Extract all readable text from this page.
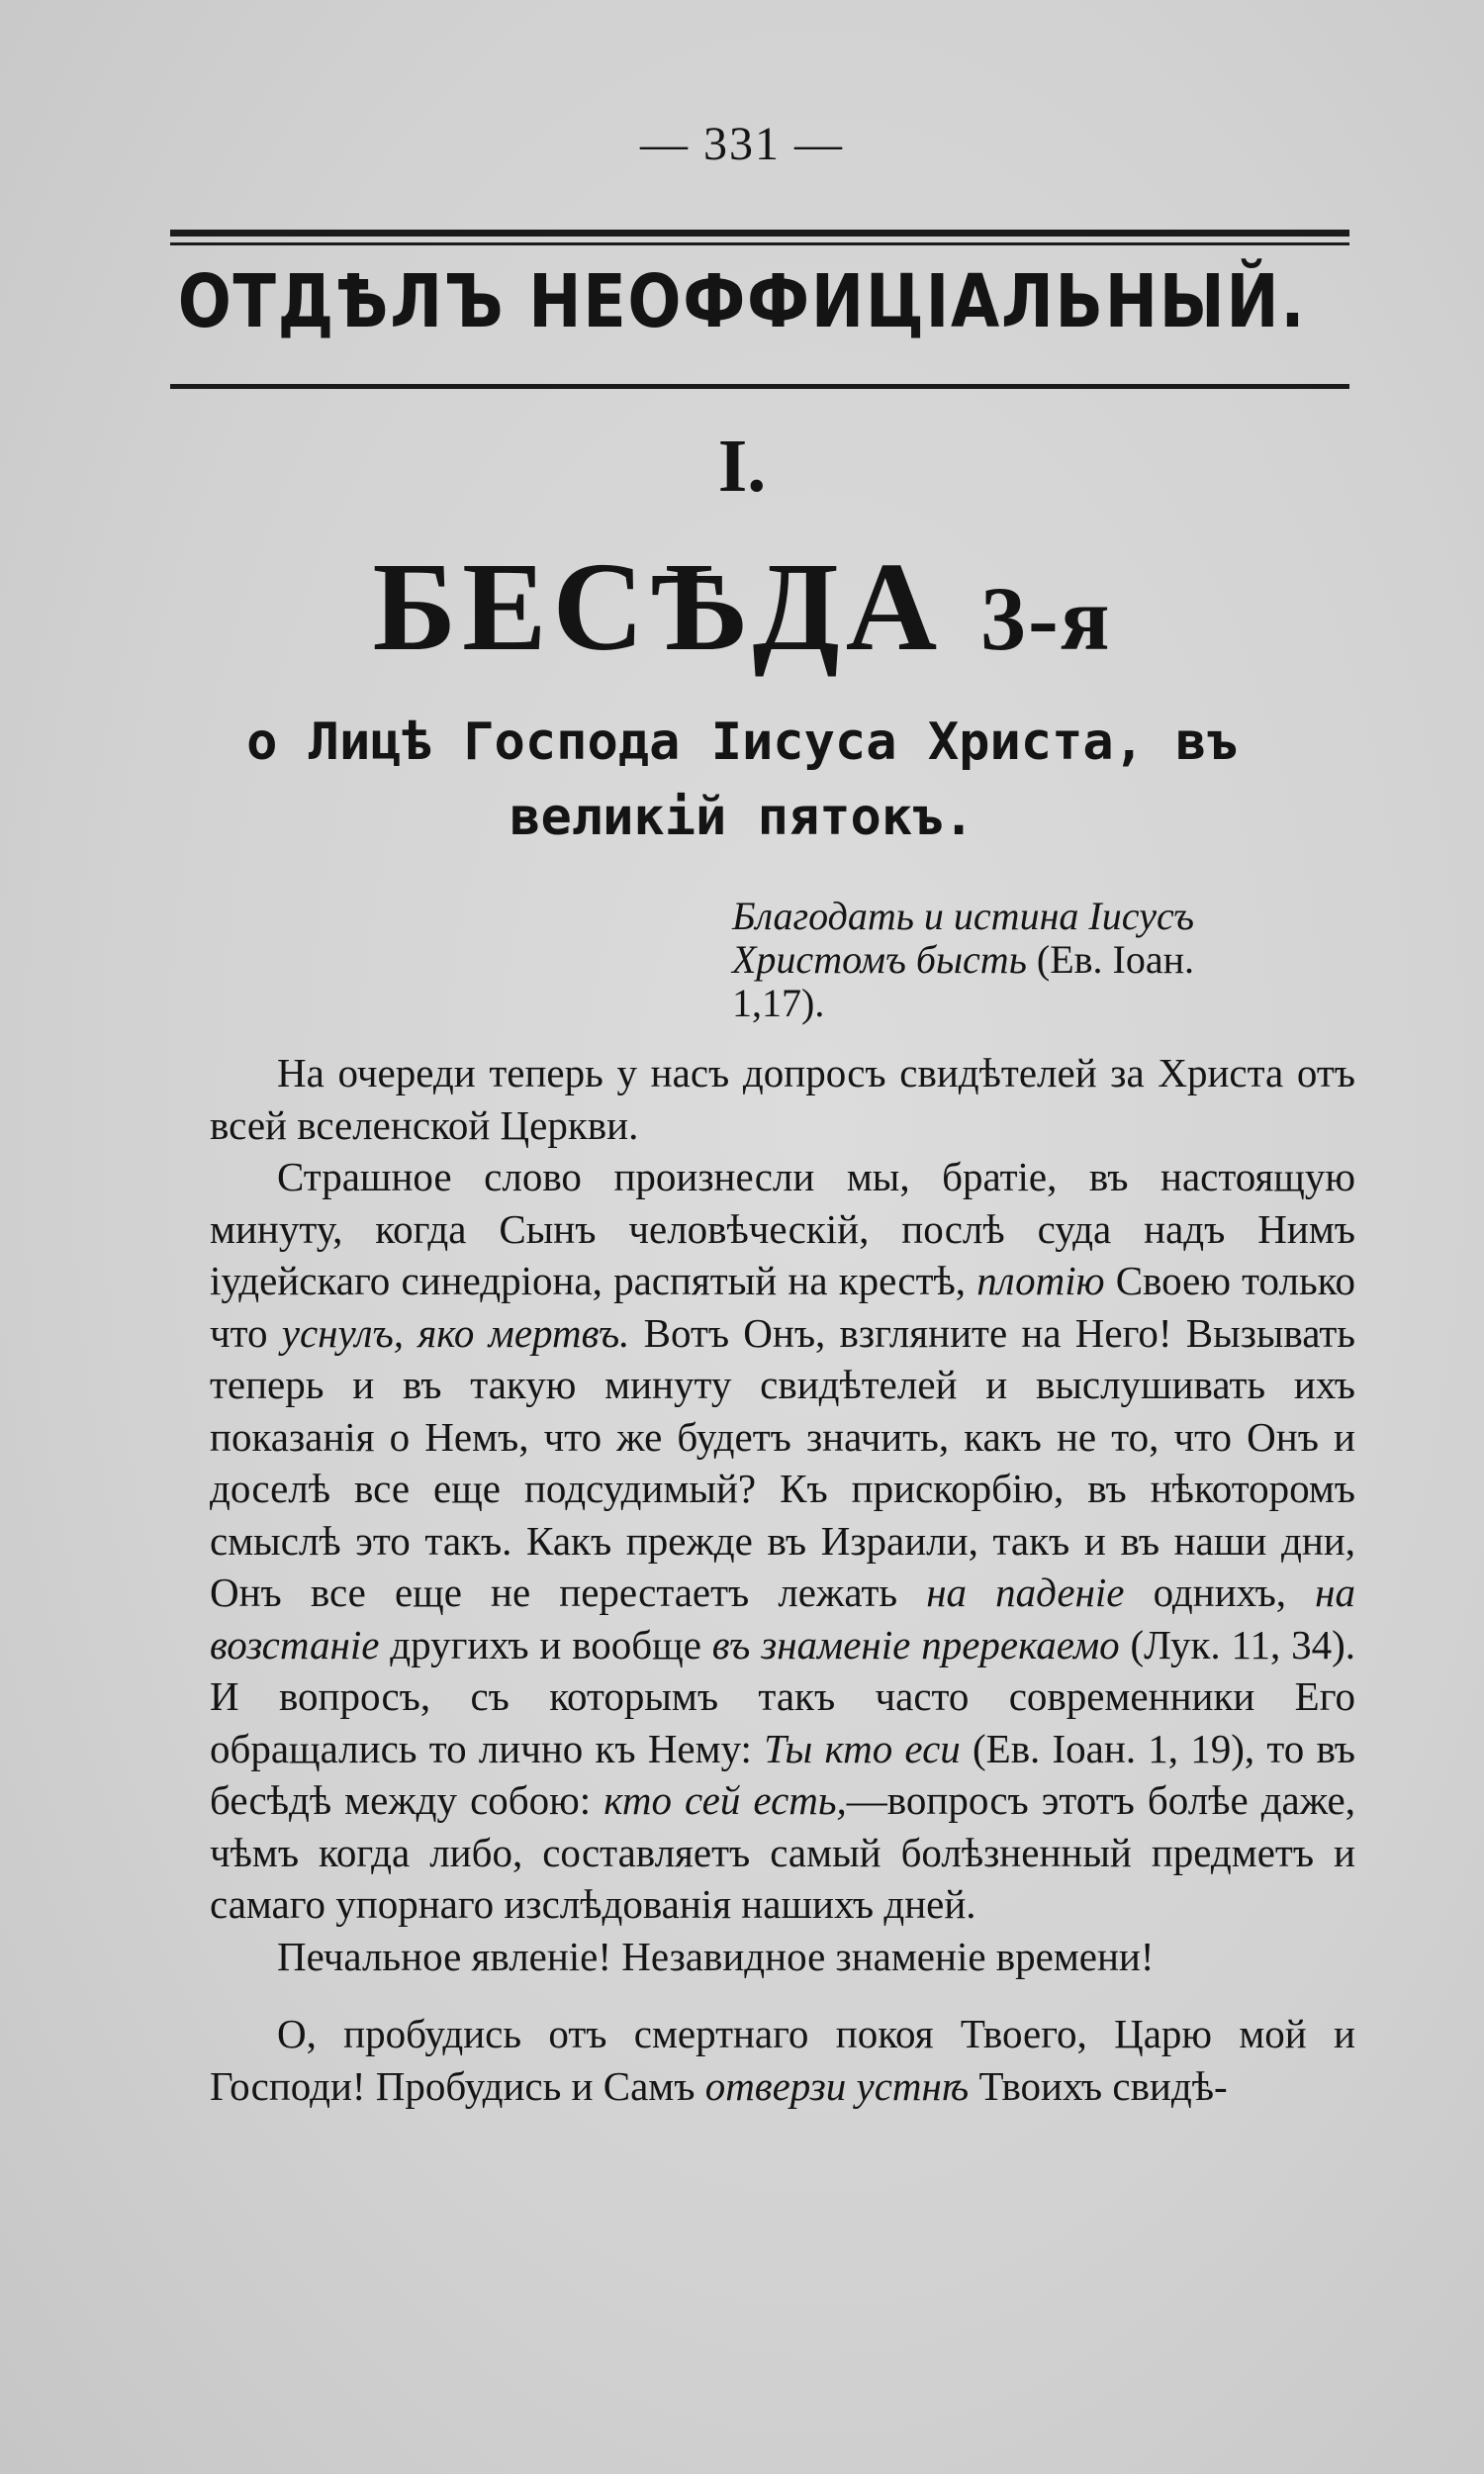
— 331 —
ОТДѢЛЪ НЕОФФИЦІАЛЬНЫЙ.
I.
БЕСѢДА 3-я
о Лицѣ Господа Іисуса Христа, въ великій пятокъ.
Благодать и истина Іисусъ Христомъ бысть (Ев. Іоан. 1,17).

На очереди теперь у насъ допросъ свидѣтелей за Христа отъ всей вселенской Церкви.

Страшное слово произнесли мы, братіе, въ настоящую минуту, когда Сынъ человѣческій, послѣ суда надъ Нимъ іудейскаго синедріона, распятый на крестѣ, плотію Своею только что уснулъ, яко мертвъ. Вотъ Онъ, взгляните на Него! Вызывать теперь и въ такую минуту свидѣтелей и выслушивать ихъ показанія о Немъ, что же будетъ значить, какъ не то, что Онъ и доселѣ все еще подсудимый? Къ прискорбію, въ нѣкоторомъ смыслѣ это такъ. Какъ прежде въ Израили, такъ и въ наши дни, Онъ все еще не перестаетъ лежать на паденіе однихъ, на возстаніе другихъ и вообще въ знаменіе пререкаемо (Лук. 11, 34). И вопросъ, съ которымъ такъ часто современники Его обращались то лично къ Нему: Ты кто еси (Ев. Іоан. 1, 19), то въ бесѣдѣ между собою: кто сей есть,—вопросъ этотъ болѣе даже, чѣмъ когда либо, составляетъ самый болѣзненный предметъ и самаго упорнаго изслѣдованія нашихъ дней.

Печальное явленіе! Незавидное знаменіе времени!

О, пробудись отъ смертнаго покоя Твоего, Царю мой и Господи! Пробудись и Самъ отверзи устнѣ Твоихъ свидѣ-
